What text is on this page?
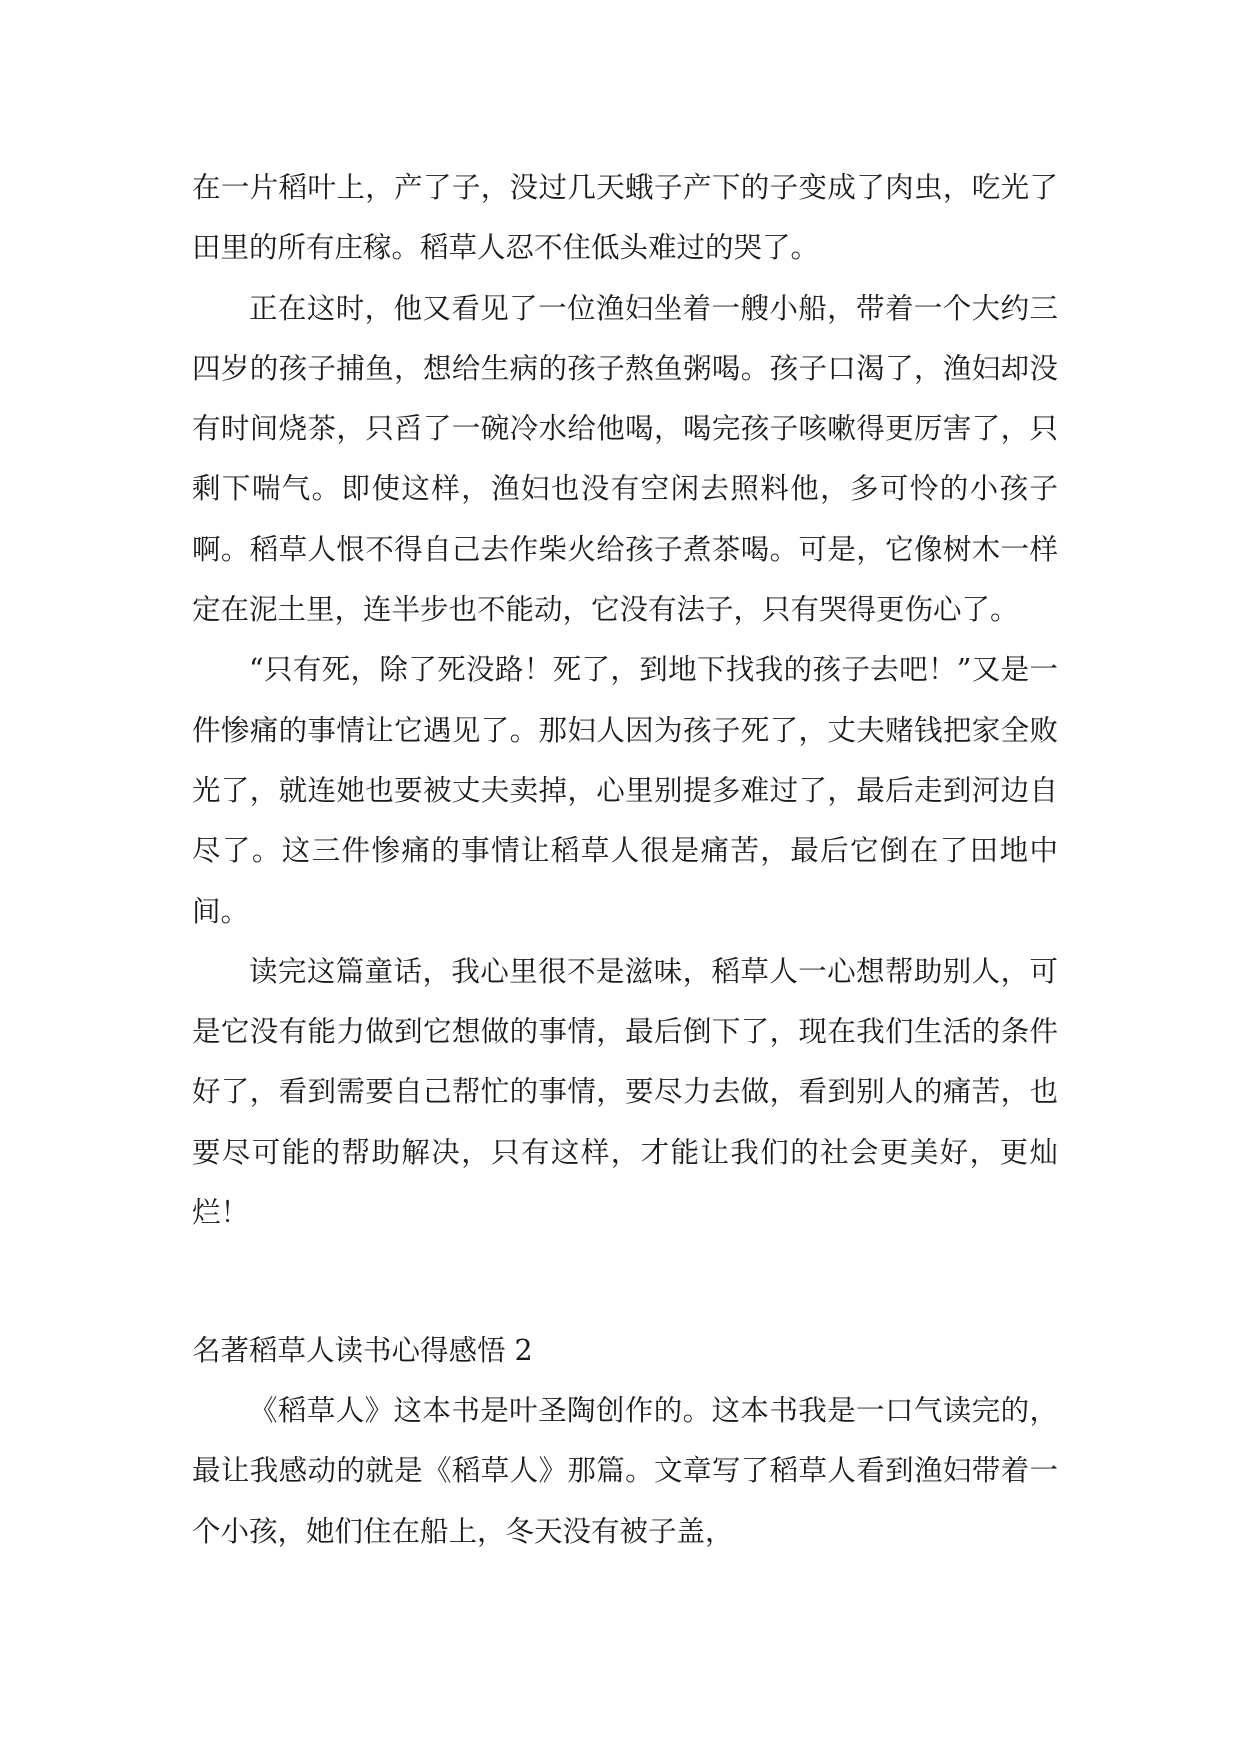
在一片稻叶上，产了子，没过几天蛾子产下的子变成了肉虫，吃光了田里的所有庄稼。稻草人忍不住低头难过的哭了。

正在这时，他又看见了一位渔妇坐着一艘小船，带着一个大约三四岁的孩子捕鱼，想给生病的孩子熬鱼粥喝。孩子口渴了，渔妇却没有时间烧茶，只舀了一碗冷水给他喝，喝完孩子咳嗽得更厉害了，只剩下喘气。即使这样，渔妇也没有空闲去照料他，多可怜的小孩子啊。稻草人恨不得自己去作柴火给孩子煮茶喝。可是，它像树木一样定在泥土里，连半步也不能动，它没有法子，只有哭得更伤心了。

“只有死，除了死没路！死了，到地下找我的孩子去吧！”又是一件惨痛的事情让它遇见了。那妇人因为孩子死了，丈夫赌钱把家全败光了，就连她也要被丈夫卖掉，心里别提多难过了，最后走到河边自尽了。这三件惨痛的事情让稻草人很是痛苦，最后它倒在了田地中间。

读完这篇童话，我心里很不是滋味，稻草人一心想帮助别人，可是它没有能力做到它想做的事情，最后倒下了，现在我们生活的条件好了，看到需要自己帮忙的事情，要尽力去做，看到别人的痛苦，也要尽可能的帮助解决，只有这样，才能让我们的社会更美好，更灿烂！

名著稻草人读书心得感悟 2

《稻草人》这本书是叶圣陶创作的。这本书我是一口气读完的，最让我感动的就是《稻草人》那篇。文章写了稻草人看到渔妇带着一个小孩，她们住在船上，冬天没有被子盖，
